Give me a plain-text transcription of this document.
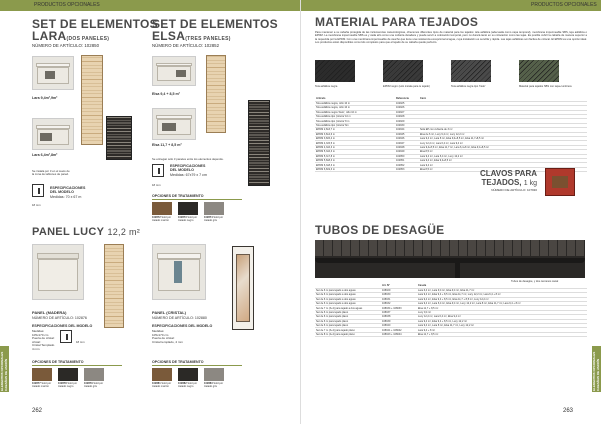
PRODUCTOS OPCIONALES
ELEMENTOS OPCIONALES
CABAÑAS DE JARDÍN
262
SET DE ELEMENTOS
LARA(DOS PANELES)
NÚMERO DE ARTÍCULO: 102850
Lara 9,4m²,9m²
Lara 6,4m²,8m²
Se instala por 3 en el suelo de la zona de tablones de pared.
18 mm
ESPECIFICACIONES DEL MODELO
Medidas: 70 x 67 m
SET DE ELEMENTOS
ELSA(TRES PANELES)
NÚMERO DE ARTÍCULO: 102852
Elsa 9,4 + 8,5 m²
Elsa 11,7 + 8,5 m²
Se entregan sólo 3 paneles entre los elementos depende.
18 mm
ESPECIFICACIONES DEL MODELO
Medidas: 67x79 x 7 cm
OPCIONES DE TRATAMIENTO
102872 Sold por tratado marrón
102873 Sold por tratado negro
102874 Sold por tratado gris
PANEL LUCY 12,2 m²
PANEL (MADERA)
NÚMERO DE ARTÍCULO: 102876
PANEL (CRISTAL)
NÚMERO DE ARTÍCULO: 102880
ESPECIFICACIONES DEL MODELO	ESPECIFICACIONES DEL MODELO
Medidas:
105x170 cm
Puerta de cristal:
cristal:
Cristal Templado
4 mm
18 mm
Medidas:
105x170 cm
Puerta de cristal:
Cristal templado, 4 mm
OPCIONES DE TRATAMIENTO	OPCIONES DE TRATAMIENTO
102877 Sold por tratado marrón
102878 Sold por tratado negro
102879 Sold por tratado gris
102881 Sold por tratado marrón
102882 Sold por tratado negro
102883 Sold por tratado gris
PRODUCTOS OPCIONALES
ELEMENTOS OPCIONALES
CABAÑAS DE JARDÍN
263
MATERIAL PARA TEJADOS
Para mantener a su cabaña protegida de las inclemencias meteorológicas, ofrecemos diferentes tipos de material para los tejados: tela asfáltica (adecuada como capa temporal), membrana impermeable SBS, teja asfáltica o EPDM. La membrana impermeable SBS es y cada año como una cubierta duradera y puede servir a colocación temporal, pero no durará tanto en su colocación como las tejas. Es posible cubrir la cabaña de manera superior a la requerida por la EPDM. Con una membrana impermeable de caucho que tiene una resistencia excepcional al agua, cuya instalación es sencilla y rápida. Las tejas asfálticas son fáciles de colocar. El EPDM es una opción ideal. Los productos están disponibles como kits completos para que el tejado de su cabaña quede perfecto.
Tela asfáltica negra	EPDM negro (solo instala para tu tejado)	Tela asfáltica negra tipo 'hielo'	Material para tejados SBS con tapa-cumbrera
Artículo	Referencia	Cant.
Tela asfáltica negra, rollo 10 m	102925	
Tela asfáltica negra, rollo 10 m	102926	
Tela asfáltica negra 'hielo', rollo 10 m	102927	
Tela asfáltica tipo 'pizarra' 10 m	102928	
Tela asfáltica tipo 'pizarra' 8 m	102929	
Tela asfáltica tipo 'pizarra' 6m	102930	
EPDM 2,8x3,7 m	102944	Sola EP con cubierta de 3 m²
EPDM 3,8x4,6 m	102945	Elsa de 6 m², Lucy 9,4 m², Lucy 12,2 m²
EPDM 3,8x5,4 m	102946	Lara 9,4 m², Lara 8 m², Elsa 9,4+8,5 m², Elsa 11,7+8,5 m²
EPDM 4,3x5,5 m	102947	Lucy 12,2 m², Lara 6,4 m², Lara 9,4 m²
EPDM 4,3x6,3 m	102948	Lara 9,4+8,5 m², Elsa 11,7 m², Lara 6,4+8 m², Elsa 9,4+8,5 m²
EPDM 5,3x6,3 m	102949	Elsa 8,5 m²
EPDM 5,3x7,8 m	102950	Lara 9,4 m², Lara 6,4 m², Lucy 12,2 m²
EPDM 5,8x8,3 m	102951	Lara 9,4 m², Elsa 9,4+8,5 m²
EPDM 6,3x8,3 m	102952	Lara 9,4 m²
EPDM 6,8x9,3 m	102953	Elsa 8,5 m²	CLAVOS PARA
TEJADOS, 1 kg
NÚMERO DE ARTÍCULO: 107930
TUBOS DE DESAGÜE
Tubos de desagüe, y dos cercanos canal
	Art. Nº	Caseta
Set de 6 m para tejado a dos aguas	108029	Lara 6,4 m², Lara 9,4 m², Elsa 9,4 m², Elsa 11,7 m²
Set de 6 m para tejado a dos aguas	108030	Lara 9,4 m², Elsa 9,4 + 8,5 m², Elsa 11,7 m², Lucy 12,2 m², Lara 6,4 + 8 m²
Set de 6 m para tejado a dos aguas	108031	Lara 9,4 m², Elsa 9,4 + 8,5 m², Elsa 11,7 + 8,5 m², Lucy 12,2 m²
Set de 6 m para tejado a dos aguas	108032	Lara 9,4 m², Lara 6,4 m², Elsa 9,4 m², Lucy 12,2 m², Lara 8 m², Elsa 11,7 m², Lara 9,4 + 8 m²
Set de 7 m (3+4) para tejado a dos aguas	108034 + 108033	Elsa 11,7 + 8,5 m²
Set de 6 m para tejado plano	108037	Lucy 9,4 m²
Set de 6 m para tejado plano	108038	Lucy 12,2 m², Lara 6,4 m², Elsa 9,4 m²
Set de 6 m para tejado plano	108039	Lara 9,4 m², Elsa 9,4 + 8,5 m², Lucy 12,2 m²
Set de 6 m para tejado plano	108040	Lara 9,4 m², Lara 8 m², Elsa 11,7 m², Lucy 12,2 m²
Set de 7 m (3+4) para tejado plano	108041 + 108042	Lara 9,4 + 8 m²
Set de 8 m (4+4) para tejado plano	108043 + 108044	Elsa 11,7 + 8,5 m²
